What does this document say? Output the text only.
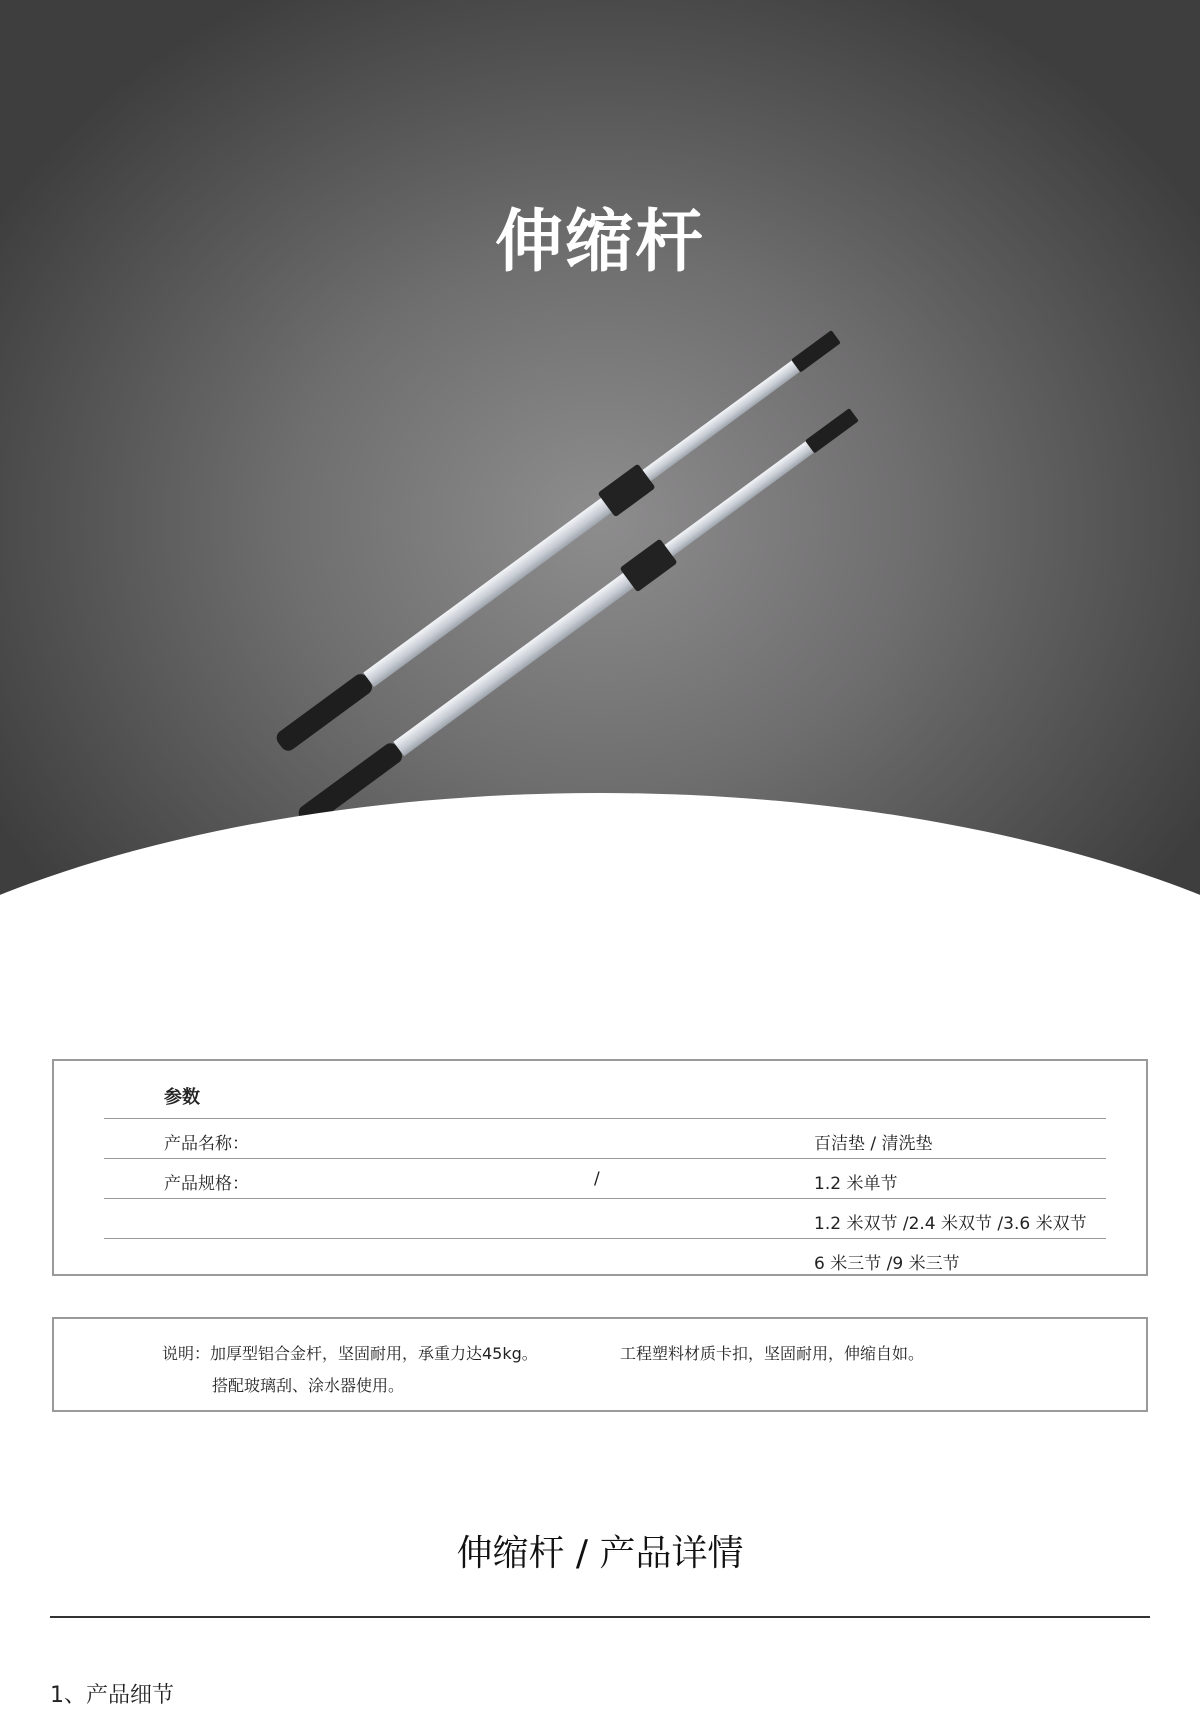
伸缩杆
参数
产品名称：	百洁垫 / 清洗垫
产品规格：	/	1.2 米单节
1.2 米双节 /2.4 米双节 /3.6 米双节
6 米三节 /9 米三节

说明：加厚型铝合金杆，坚固耐用，承重力达45kg。	工程塑料材质卡扣，坚固耐用，伸缩自如。

搭配玻璃刮、涂水器使用。

伸缩杆 / 产品详情
1、产品细节
